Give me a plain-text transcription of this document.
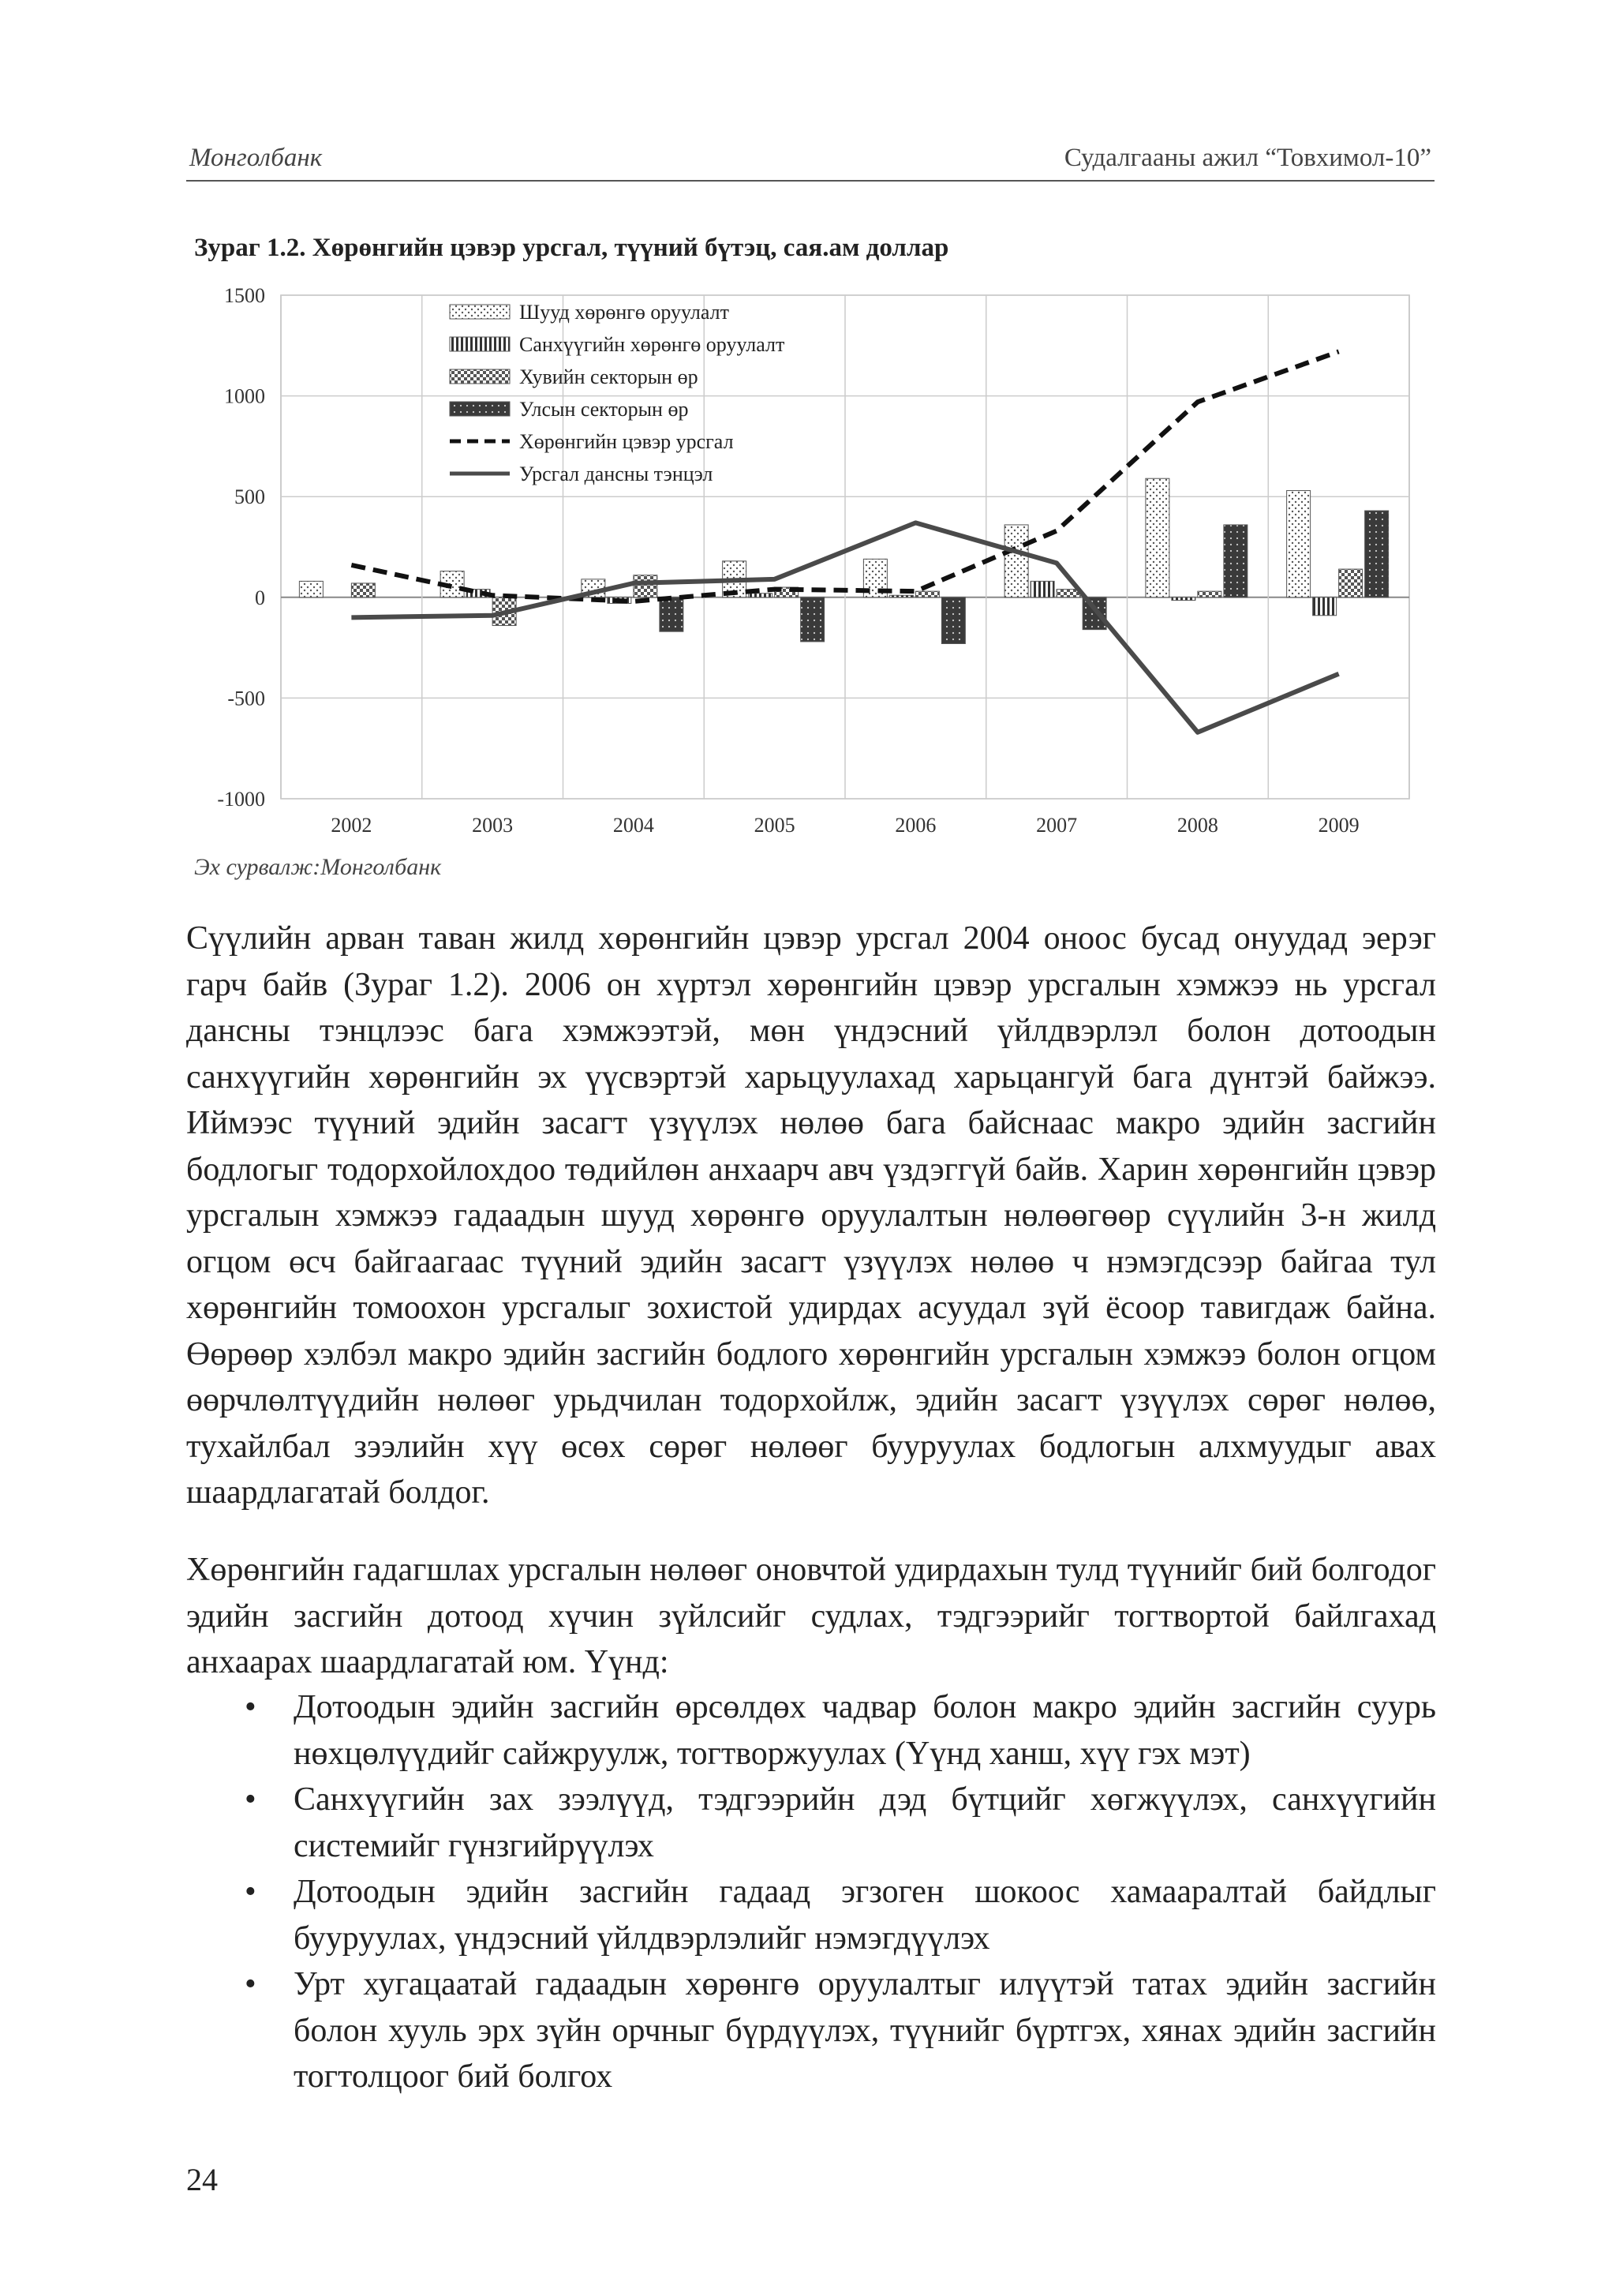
Монголбанк	Судалгааны ажил “Товхимол-10”
Зураг 1.2. Хөрөнгийн цэвэр урсгал, түүний бүтэц, сая.ам доллар
1500
1000
500
0
-500
-1000
2002	2003	2004	2005	2006	2007	2008	2009
Шууд хөрөнгө оруулалт
Санхүүгийн хөрөнгө оруулалт
Хувийн секторын өр
Улсын секторын өр
Хөрөнгийн цэвэр урсгал
Урсгал дансны тэнцэл
Эх сурвалж:Монголбанк

Сүүлийн арван таван жилд хөрөнгийн цэвэр урсгал 2004 оноос бусад онуудад эерэг гарч байв (Зураг 1.2). 2006 он хүртэл хөрөнгийн цэвэр урсгалын хэмжээ нь урсгал дансны тэнцлээс бага хэмжээтэй, мөн үндэсний үйлдвэрлэл болон дотоодын санхүүгийн хөрөнгийн эх үүсвэртэй харьцуулахад харьцангуй бага дүнтэй байжээ. Иймээс түүний эдийн засагт үзүүлэх нөлөө бага байснаас макро эдийн засгийн бодлогыг тодорхойлохдоо төдийлөн анхаарч авч үздэггүй байв. Харин хөрөнгийн цэвэр урсгалын хэмжээ гадаадын шууд хөрөнгө оруулалтын нөлөөгөөр сүүлийн 3-н жилд огцом өсч байгаагаас түүний эдийн засагт үзүүлэх нөлөө ч нэмэгдсээр байгаа тул хөрөнгийн томоохон урсгалыг зохистой удирдах асуудал зүй ёсоор тавигдаж байна. Өөрөөр хэлбэл макро эдийн засгийн бодлого хөрөнгийн урсгалын хэмжээ болон огцом өөрчлөлтүүдийн нөлөөг урьдчилан тодорхойлж, эдийн засагт үзүүлэх сөрөг нөлөө, тухайлбал зээлийн хүү өсөх сөрөг нөлөөг бууруулах бодлогын алхмуудыг авах шаардлагатай болдог.

Хөрөнгийн гадагшлах урсгалын нөлөөг оновчтой удирдахын тулд түүнийг бий болгодог эдийн засгийн дотоод хүчин зүйлсийг судлах, тэдгээрийг тогтвортой байлгахад анхаарах шаардлагатай юм. Үүнд:

• Дотоодын эдийн засгийн өрсөлдөх чадвар болон макро эдийн засгийн суурь нөхцөлүүдийг сайжруулж, тогтворжуулах (Үүнд ханш, хүү гэх мэт)
• Санхүүгийн зах зээлүүд, тэдгээрийн дэд бүтцийг хөгжүүлэх, санхүүгийн системийг гүнзгийрүүлэх
• Дотоодын эдийн засгийн гадаад эгзоген шокоос хамааралтай байдлыг бууруулах, үндэсний үйлдвэрлэлийг нэмэгдүүлэх
• Урт хугацаатай гадаадын хөрөнгө оруулалтыг илүүтэй татах эдийн засгийн болон хууль эрх зүйн орчныг бүрдүүлэх, түүнийг бүртгэх, хянах эдийн засгийн тогтолцоог бий болгох
24
